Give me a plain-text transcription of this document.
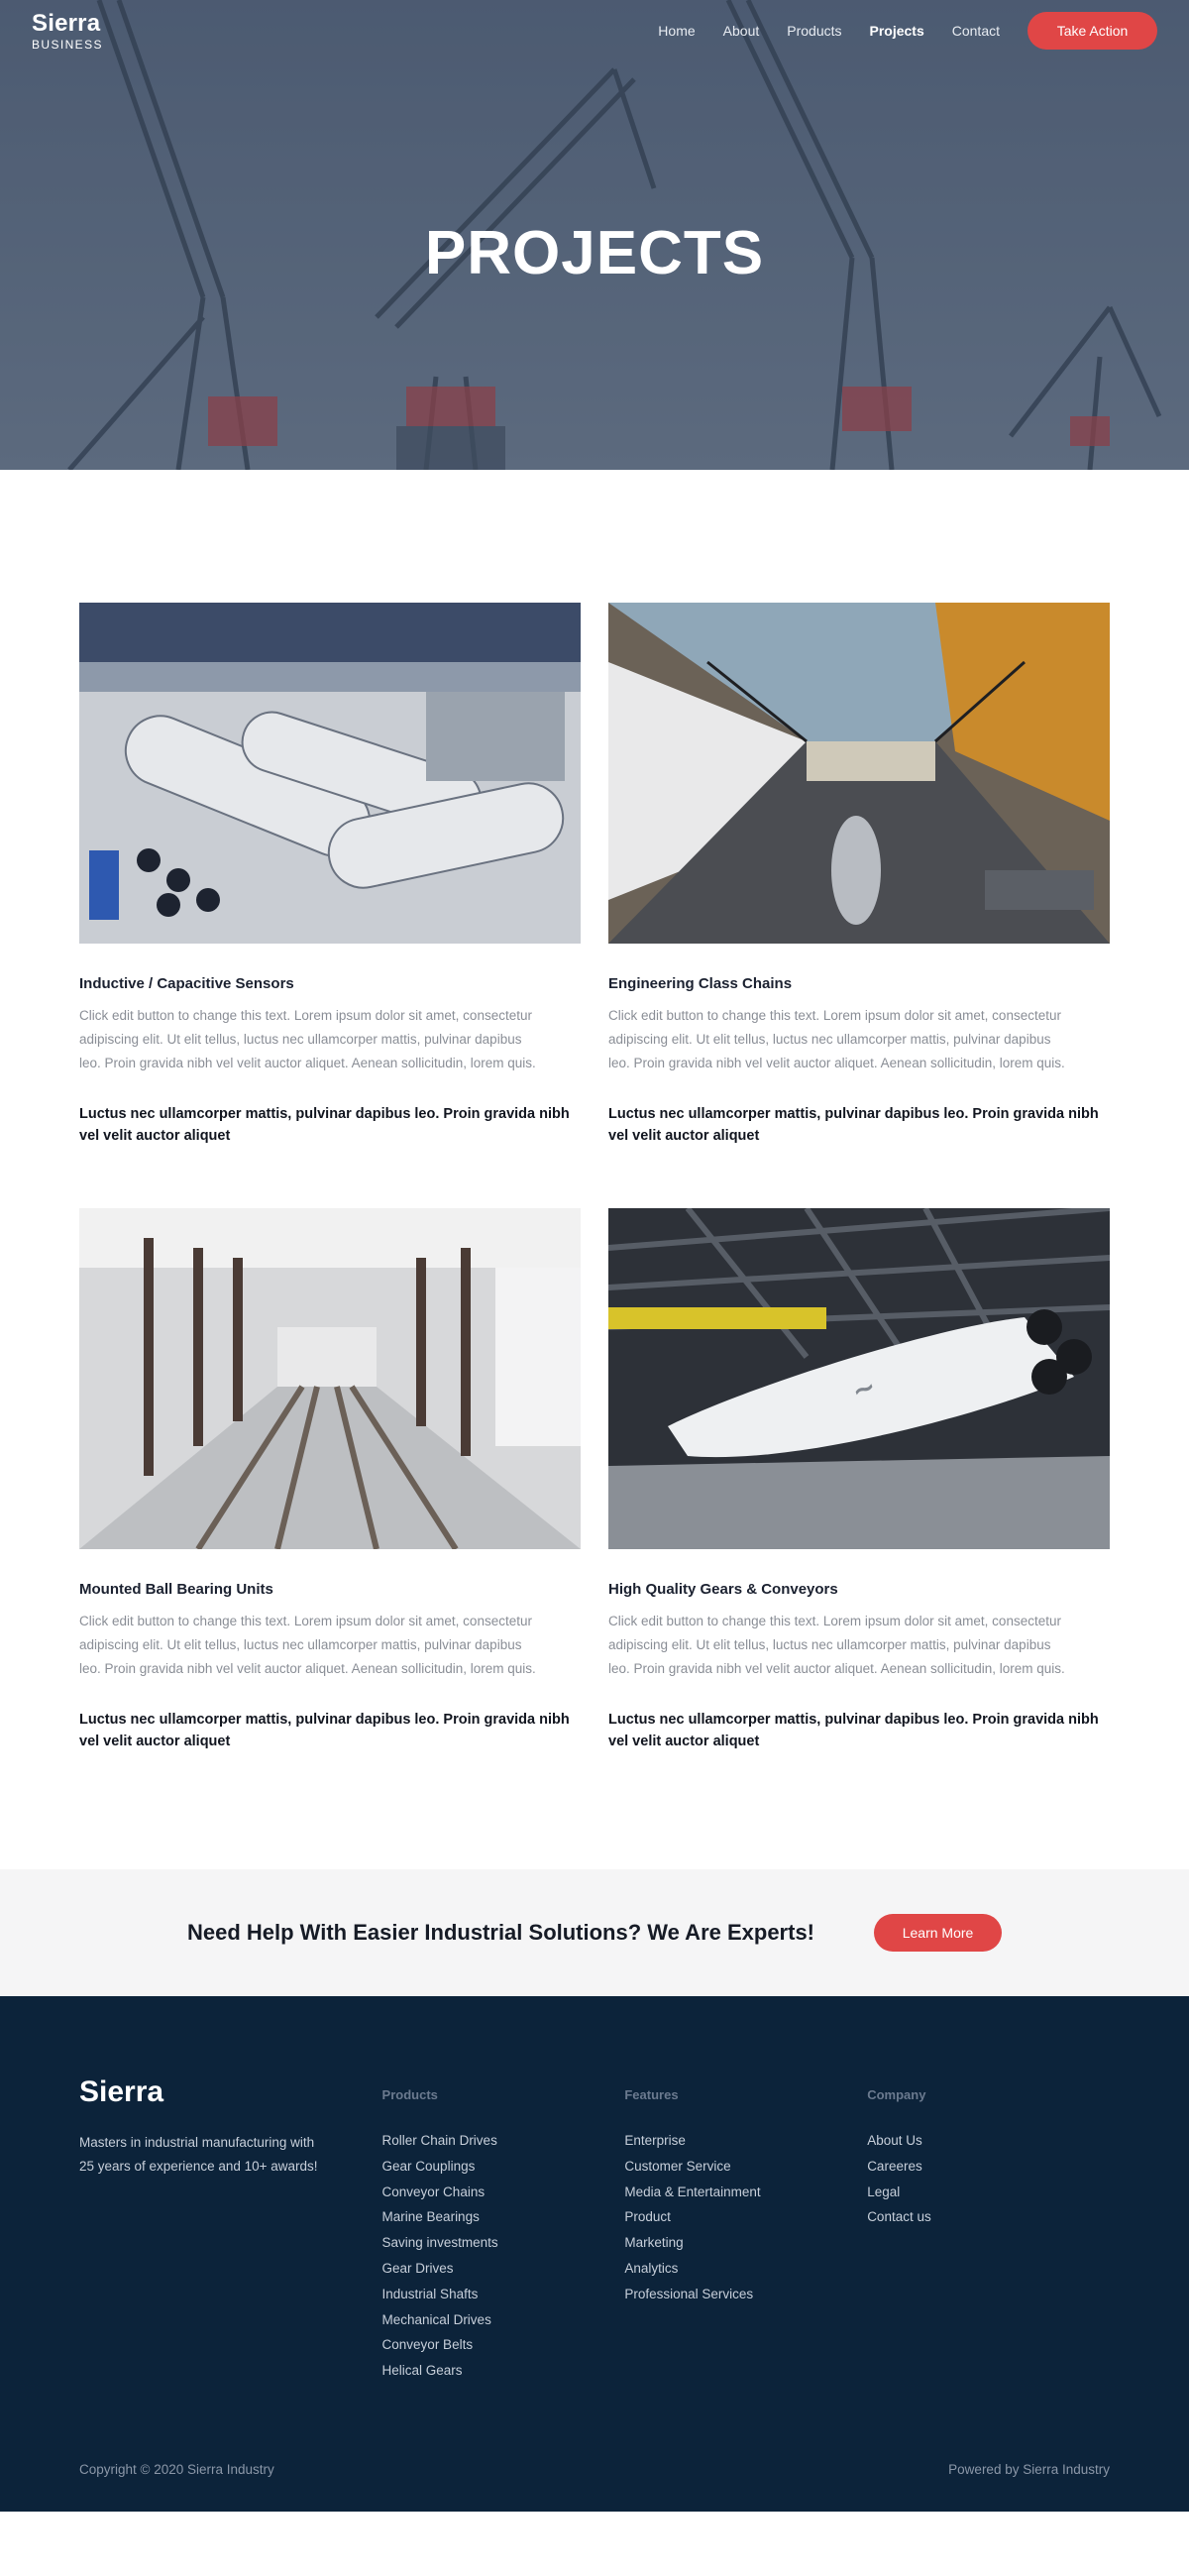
Sierra
BUSINESS
Home About Products Projects Contact	Take Action
PROJECTS
Inductive / Capacitive Sensors

Click edit button to change this text. Lorem ipsum dolor sit amet, consectetur adipiscing elit. Ut elit tellus, luctus nec ullamcorper mattis, pulvinar dapibus leo. Proin gravida nibh vel velit auctor aliquet. Aenean sollicitudin, lorem quis.

Luctus nec ullamcorper mattis, pulvinar dapibus leo. Proin gravida nibh vel velit auctor aliquet

Engineering Class Chains

Click edit button to change this text. Lorem ipsum dolor sit amet, consectetur adipiscing elit. Ut elit tellus, luctus nec ullamcorper mattis, pulvinar dapibus leo. Proin gravida nibh vel velit auctor aliquet. Aenean sollicitudin, lorem quis.

Luctus nec ullamcorper mattis, pulvinar dapibus leo. Proin gravida nibh vel velit auctor aliquet

Mounted Ball Bearing Units

Click edit button to change this text. Lorem ipsum dolor sit amet, consectetur adipiscing elit. Ut elit tellus, luctus nec ullamcorper mattis, pulvinar dapibus leo. Proin gravida nibh vel velit auctor aliquet. Aenean sollicitudin, lorem quis.

Luctus nec ullamcorper mattis, pulvinar dapibus leo. Proin gravida nibh vel velit auctor aliquet

~
High Quality Gears & Conveyors

Click edit button to change this text. Lorem ipsum dolor sit amet, consectetur adipiscing elit. Ut elit tellus, luctus nec ullamcorper mattis, pulvinar dapibus leo. Proin gravida nibh vel velit auctor aliquet. Aenean sollicitudin, lorem quis.

Luctus nec ullamcorper mattis, pulvinar dapibus leo. Proin gravida nibh vel velit auctor aliquet

Need Help With Easier Industrial Solutions? We Are Experts!	Learn More
Sierra

Masters in industrial manufacturing with 25 years of experience and 10+ awards!

Products
Roller Chain Drives
Gear Couplings
Conveyor Chains
Marine Bearings
Saving investments
Gear Drives
Industrial Shafts
Mechanical Drives
Conveyor Belts
Helical Gears
Features
Enterprise
Customer Service
Media & Entertainment
Product
Marketing
Analytics
Professional Services
Company
About Us
Careeres
Legal
Contact us
Copyright © 2020 Sierra Industry	Powered by Sierra Industry
